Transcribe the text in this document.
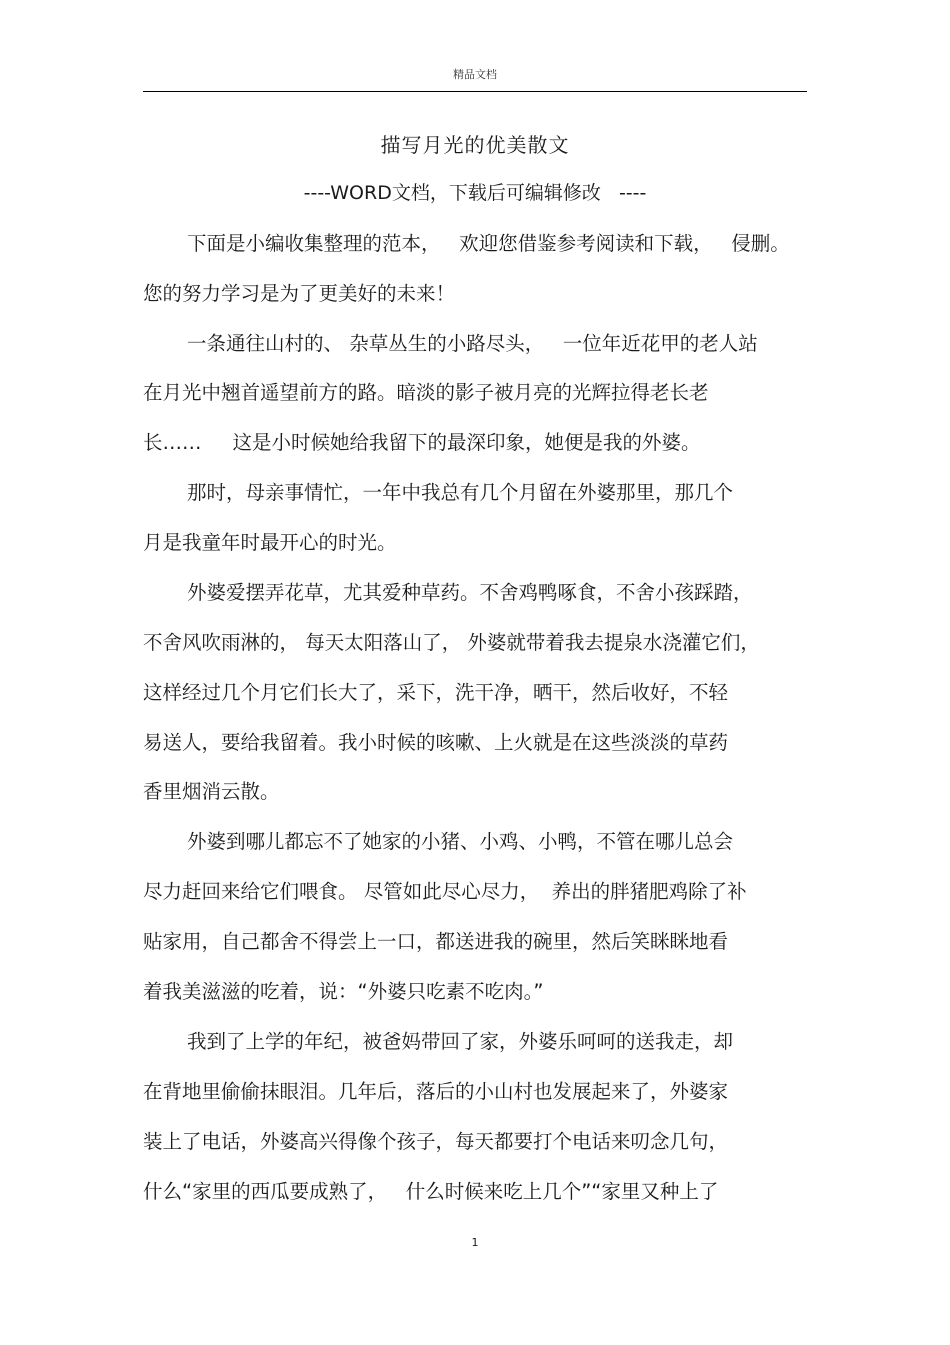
精品文档
描写月光的优美散文
----WORD文档，下载后可编辑修改   ----
下面是小编收集整理的范本，   欢迎您借鉴参考阅读和下载，   侵删。
您的努力学习是为了更美好的未来！
一条通往山村的、 杂草丛生的小路尽头，   一位年近花甲的老人站
在月光中翘首遥望前方的路。暗淡的影子被月亮的光辉拉得老长老
长……     这是小时候她给我留下的最深印象，她便是我的外婆。
那时，母亲事情忙，一年中我总有几个月留在外婆那里，那几个
月是我童年时最开心的时光。
外婆爱摆弄花草，尤其爱种草药。不舍鸡鸭啄食，不舍小孩踩踏，
不舍风吹雨淋的， 每天太阳落山了， 外婆就带着我去提泉水浇灌它们，
这样经过几个月它们长大了，采下，洗干净，晒干，然后收好，不轻
易送人，要给我留着。我小时候的咳嗽、上火就是在这些淡淡的草药
香里烟消云散。
外婆到哪儿都忘不了她家的小猪、小鸡、小鸭，不管在哪儿总会
尽力赶回来给它们喂食。 尽管如此尽心尽力，  养出的胖猪肥鸡除了补
贴家用，自己都舍不得尝上一口，都送进我的碗里，然后笑眯眯地看
着我美滋滋的吃着，说：“外婆只吃素不吃肉。”
我到了上学的年纪，被爸妈带回了家，外婆乐呵呵的送我走，却
在背地里偷偷抹眼泪。几年后，落后的小山村也发展起来了，外婆家
装上了电话，外婆高兴得像个孩子，每天都要打个电话来叨念几句，
什么“家里的西瓜要成熟了，   什么时候来吃上几个”“家里又种上了
1
